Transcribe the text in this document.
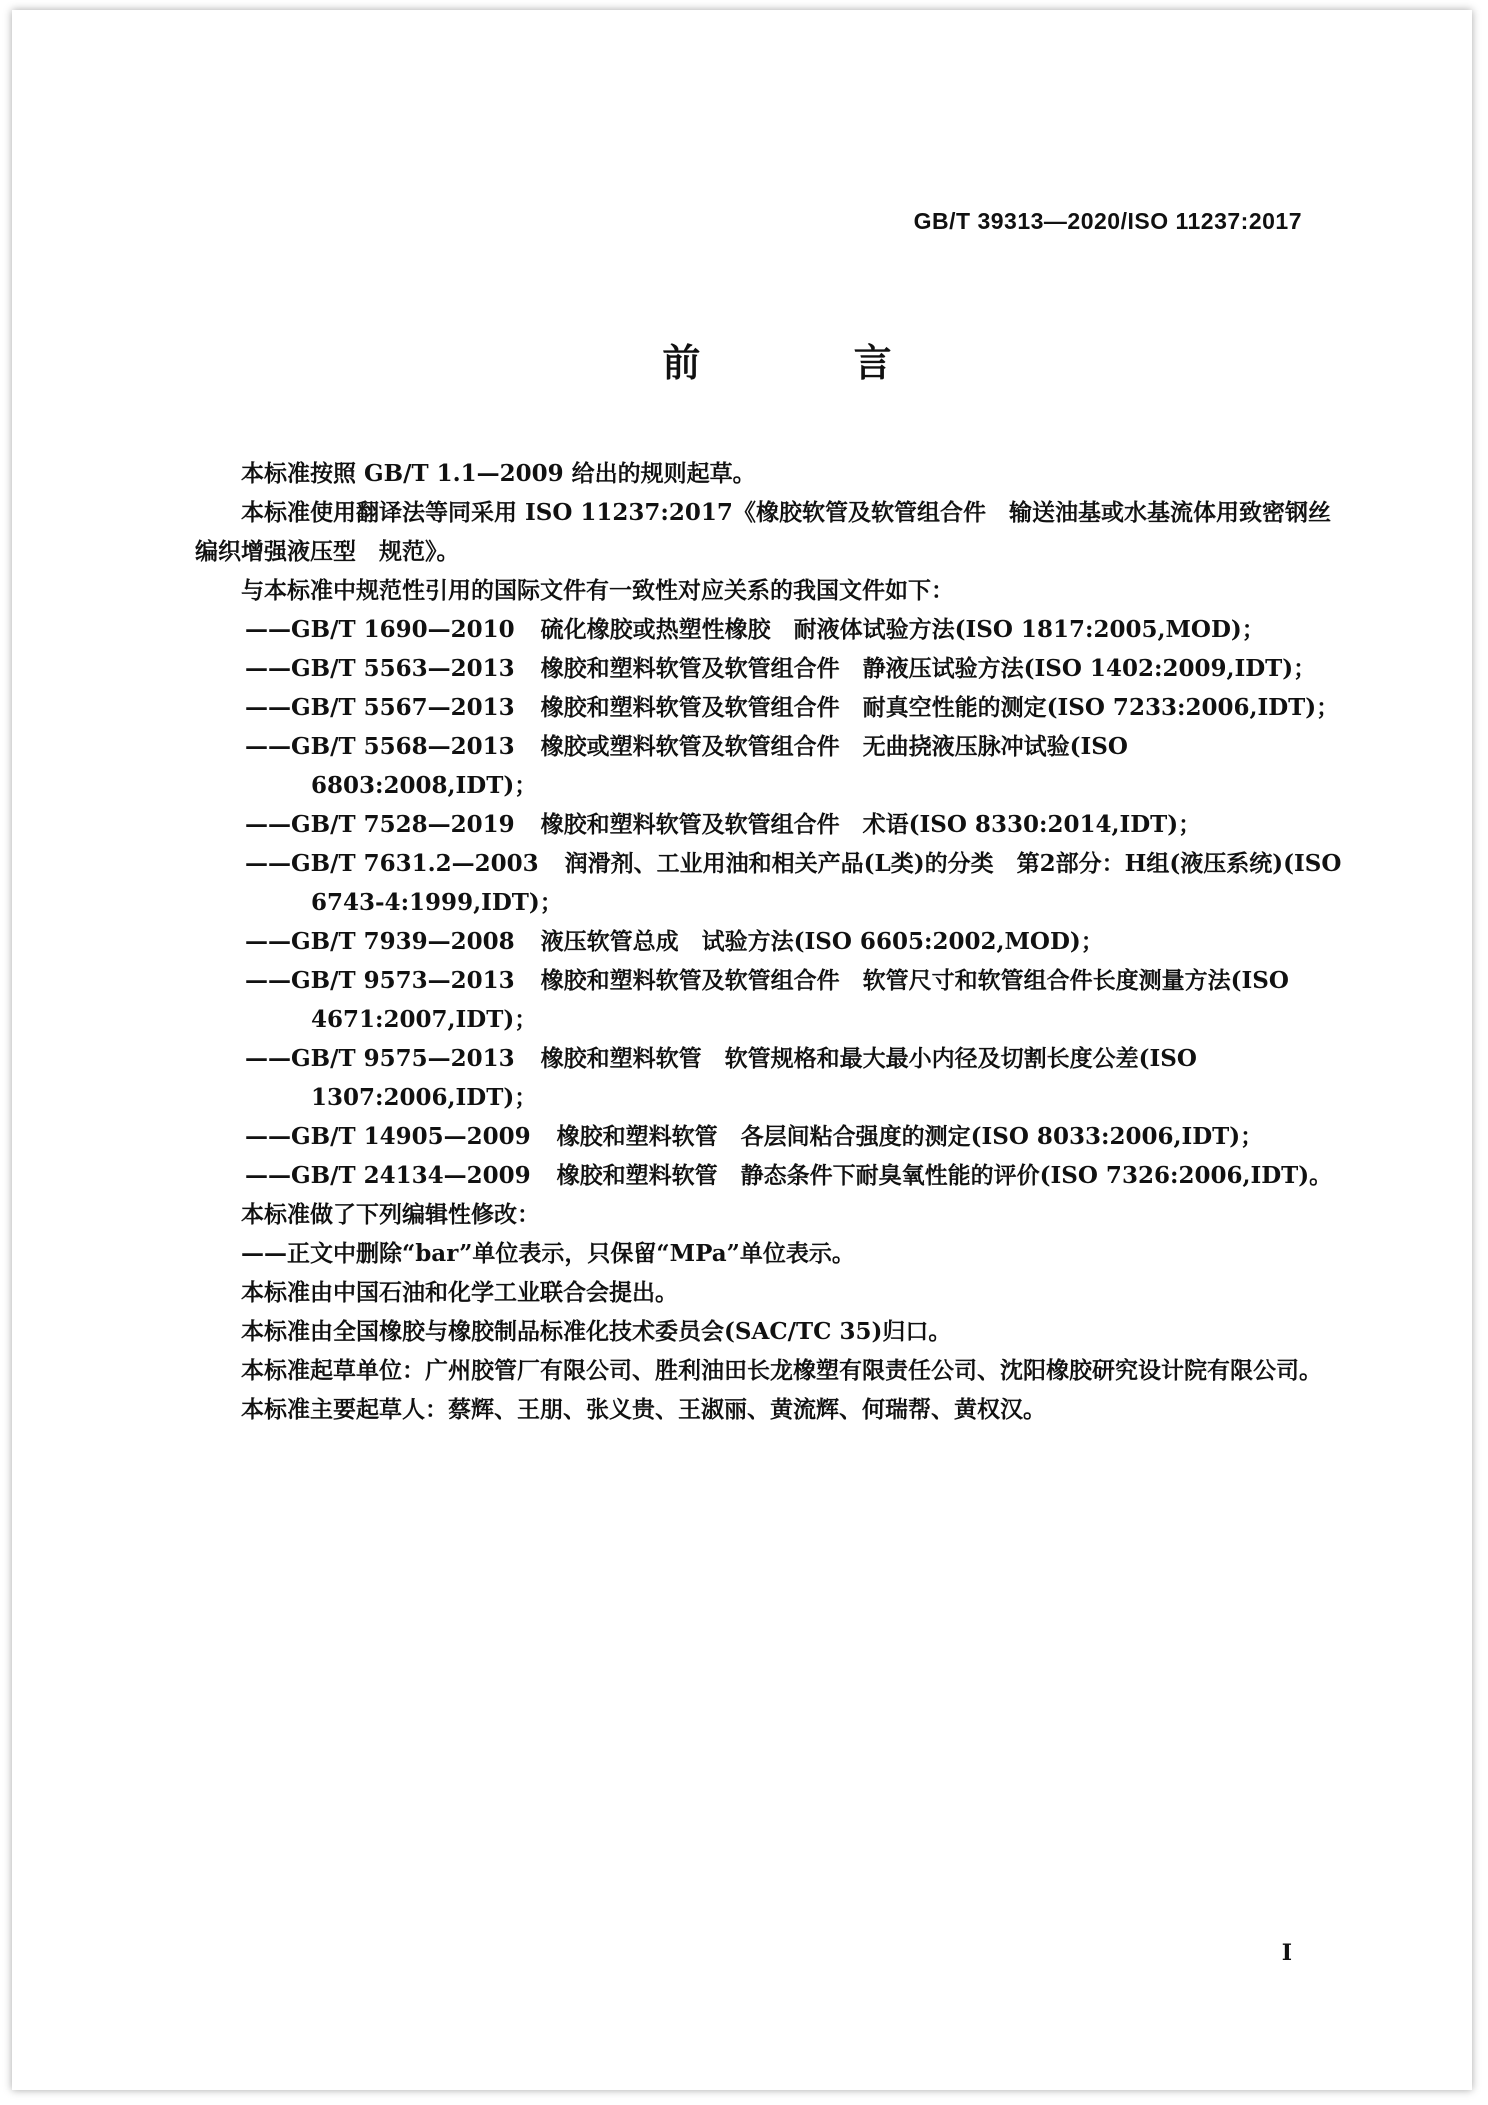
GB/T 39313—2020/ISO 11237:2017
前 言

本标准按照 GB/T 1.1—2009 给出的规则起草。

本标准使用翻译法等同采用 ISO 11237:2017《橡胶软管及软管组合件　输送油基或水基流体用致密钢丝编织增强液压型　规范》。

与本标准中规范性引用的国际文件有一致性对应关系的我国文件如下：

——GB/T 1690—2010 硫化橡胶或热塑性橡胶　耐液体试验方法(ISO 1817:2005,MOD)；

——GB/T 5563—2013 橡胶和塑料软管及软管组合件　静液压试验方法(ISO 1402:2009,IDT)；

——GB/T 5567—2013 橡胶和塑料软管及软管组合件　耐真空性能的测定(ISO 7233:2006,IDT)；

——GB/T 5568—2013 橡胶或塑料软管及软管组合件　无曲挠液压脉冲试验(ISO 6803:2008,IDT)；

——GB/T 7528—2019 橡胶和塑料软管及软管组合件　术语(ISO 8330:2014,IDT)；

——GB/T 7631.2—2003 润滑剂、工业用油和相关产品(L类)的分类　第2部分：H组(液压系统)(ISO 6743-4:1999,IDT)；

——GB/T 7939—2008 液压软管总成　试验方法(ISO 6605:2002,MOD)；

——GB/T 9573—2013 橡胶和塑料软管及软管组合件　软管尺寸和软管组合件长度测量方法(ISO 4671:2007,IDT)；

——GB/T 9575—2013 橡胶和塑料软管　软管规格和最大最小内径及切割长度公差(ISO 1307:2006,IDT)；

——GB/T 14905—2009 橡胶和塑料软管　各层间粘合强度的测定(ISO 8033:2006,IDT)；

——GB/T 24134—2009 橡胶和塑料软管　静态条件下耐臭氧性能的评价(ISO 7326:2006,IDT)。

本标准做了下列编辑性修改：

——正文中删除“bar”单位表示，只保留“MPa”单位表示。

本标准由中国石油和化学工业联合会提出。

本标准由全国橡胶与橡胶制品标准化技术委员会(SAC/TC 35)归口。

本标准起草单位：广州胶管厂有限公司、胜利油田长龙橡塑有限责任公司、沈阳橡胶研究设计院有限公司。

本标准主要起草人：蔡辉、王朋、张义贵、王淑丽、黄流辉、何瑞帮、黄权汉。

I
